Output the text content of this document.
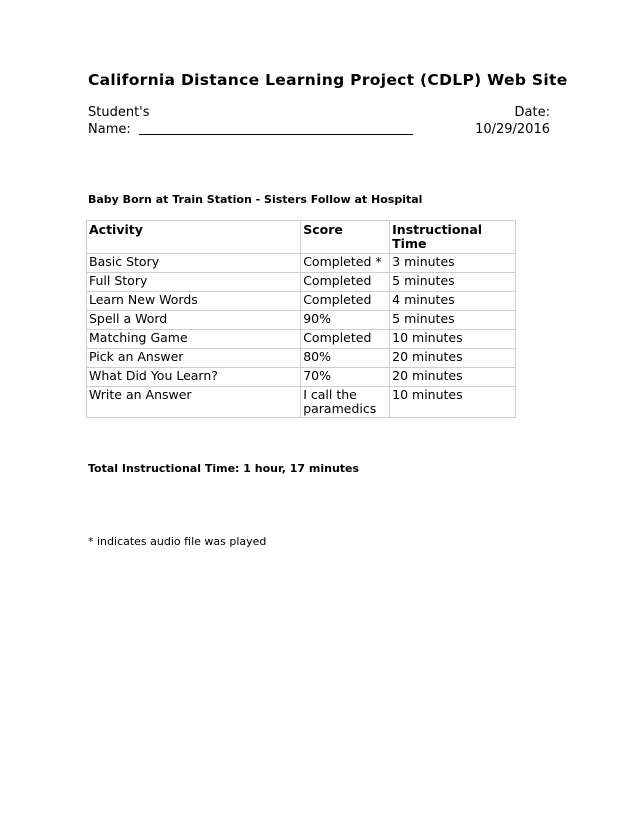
California Distance Learning Project (CDLP) Web Site
Student's
Name:
Date:
10/29/2016
Baby Born at Train Station - Sisters Follow at Hospital
Activity	Score	Instructional Time
Basic Story	Completed *	3 minutes
Full Story	Completed	5 minutes
Learn New Words	Completed	4 minutes
Spell a Word	90%	5 minutes
Matching Game	Completed	10 minutes
Pick an Answer	80%	20 minutes
What Did You Learn?	70%	20 minutes
Write an Answer	I call the paramedics	10 minutes
Total Instructional Time: 1 hour, 17 minutes
* indicates audio file was played
